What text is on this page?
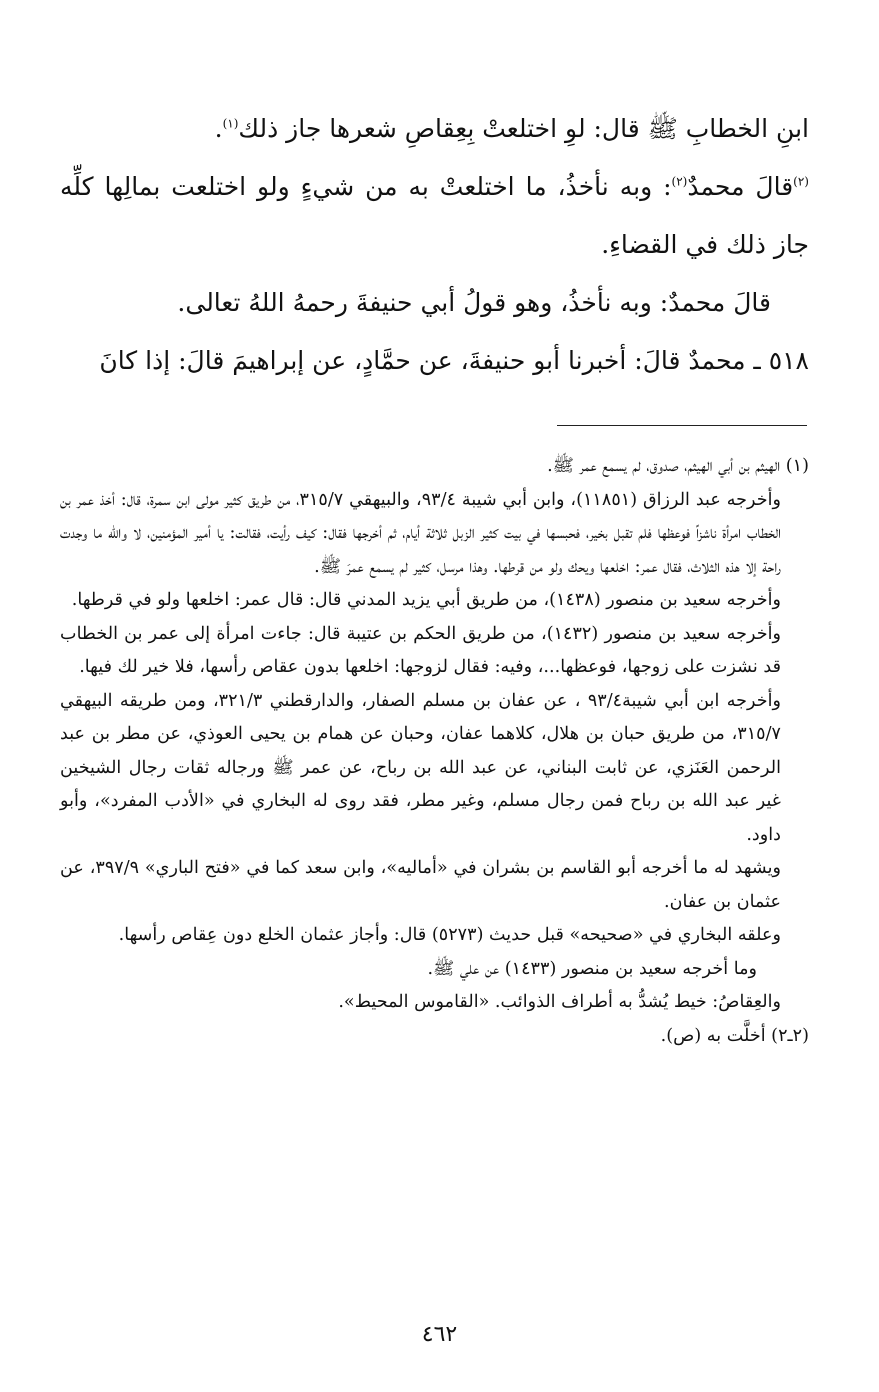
ابنِ الخطابِ ﷺ قال: لوِ اختلعتْ بِعِقاصِ شعرها جاز ذلك$^{(١)}$.

$^{(٢)}$قالَ محمدٌ$^{(٢)}$: وبه نأخذُ، ما اختلعتْ به من شيءٍ ولو اختلعت بمالِها كلِّه جاز ذلك في القضاءِ.

قالَ محمدٌ: وبه نأخذُ، وهو قولُ أبي حنيفةَ رحمهُ اللهُ تعالى.

٥١٨ ـ محمدٌ قالَ: أخبرنا أبو حنيفةَ، عن حمَّادٍ، عن إبراهيمَ قالَ: إذا كانَ

(١) الهيثم بن أبي الهيثم، صدوق، لم يسمع عمر ﷺ.

وأخرجه عبد الرزاق (١١٨٥١)، وابن أبي شيبة ٩٣/٤، والبيهقي ٣١٥/٧، من طريق كثير مولى ابن سمرة، قال: أخذ عمر بن الخطاب امرأة ناشزاً فوعظها فلم تقبل بخير، فحبسها في بيت كثير الزبل ثلاثة أيام، ثم أخرجها فقال: كيف رأيت، فقالت: يا أمير المؤمنين، لا والله ما وجدت راحة إلا هذه الثلاث، فقال عمر: اخلعها ويحك ولو من قرطها. وهذا مرسل، كثير لم يسمع عمرَ ﷺ.

وأخرجه سعيد بن منصور (١٤٣٨)، من طريق أبي يزيد المدني قال: قال عمر: اخلعها ولو في قرطها.

وأخرجه سعيد بن منصور (١٤٣٢)، من طريق الحكم بن عتيبة قال: جاءت امرأة إلى عمر بن الخطاب قد نشزت على زوجها، فوعظها...، وفيه: فقال لزوجها: اخلعها بدون عقاص رأسها، فلا خير لك فيها.

وأخرجه ابن أبي شيبة٩٣/٤ ، عن عفان بن مسلم الصفار، والدارقطني ٣٢١/٣، ومن طريقه البيهقي ٣١٥/٧، من طريق حبان بن هلال، كلاهما عفان، وحبان عن همام بن يحيى العوذي، عن مطر بن عبد الرحمن العَنَزي، عن ثابت البناني، عن عبد الله بن رباح، عن عمر ﷺ ورجاله ثقات رجال الشيخين غير عبد الله بن رباح فمن رجال مسلم، وغير مطر، فقد روى له البخاري في «الأدب المفرد»، وأبو داود.

ويشهد له ما أخرجه أبو القاسم بن بشران في «أماليه»، وابن سعد كما في «فتح الباري» ٣٩٧/٩، عن عثمان بن عفان.

وعلقه البخاري في «صحيحه» قبل حديث (٥٢٧٣) قال: وأجاز عثمان الخلع دون عِقاص رأسها.

وما أخرجه سعيد بن منصور (١٤٣٣) عن علي ﷺ.

والعِقاصُ: خيط يُشدُّ به أطراف الذوائب. «القاموس المحيط».

(٢ـ٢) أخلَّت به (ص).

٤٦٢
